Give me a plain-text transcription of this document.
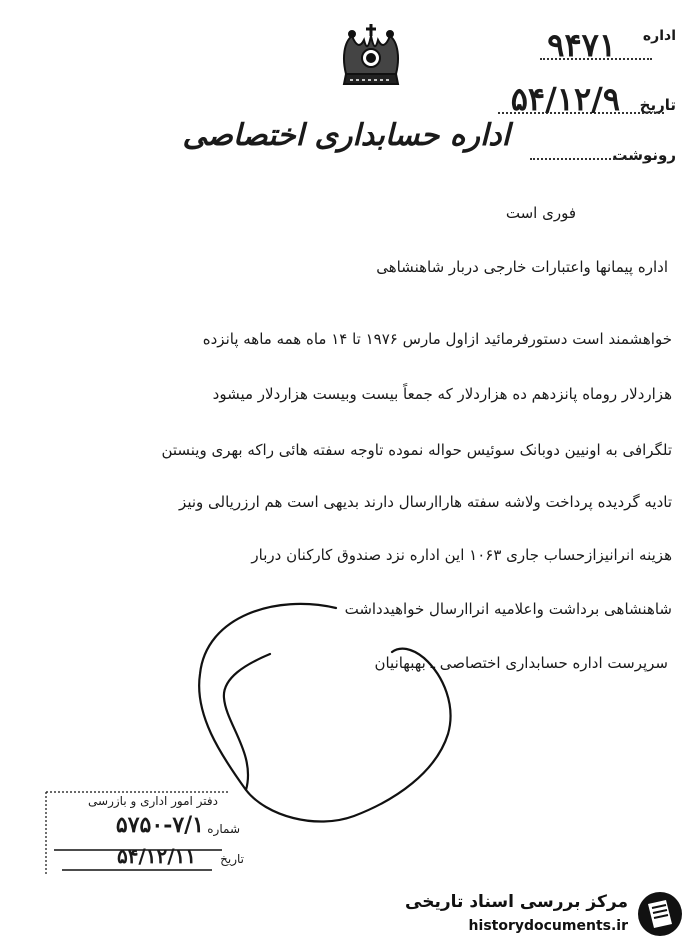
اداره
۹۴۷۱
تاریخ
۵۴/۱۲/۹
رونوشت
اداره حسابداری اختصاصی
فوری است
اداره پیمانها واعتبارات خارجی دربار شاهنشاهی
خواهشمند است دستورفرمائید ازاول مارس ۱۹۷۶ تا ۱۴ ماه همه ماهه پانزده
هزاردلار روماه پانزدهم ده هزاردلار که جمعاً بیست وبیست هزاردلار میشود
تلگرافی به اونیین دوبانک سوئیس حواله نموده تاوجه سفته هائی راکه بهری وینستن
تادیه گردیده پرداخت ولاشه سفته هاراارسال دارند بدیهی است هم ارزریالی ونیز
هزینه انرانیزازحساب جاری ۱۰۶۳ این اداره نزد صندوق کارکنان دربار
شاهنشاهی برداشت واعلامیه انراارسال خواهیدداشت
سرپرست اداره حسابداری اختصاصی ـ بهبهانیان
دفتر امور اداری و بازرسی
شماره
۵۷۵۰-۷/۱
تاریخ
۵۴/۱۲/۱۱
مرکز بررسی اسناد تاریخی
historydocuments.ir
